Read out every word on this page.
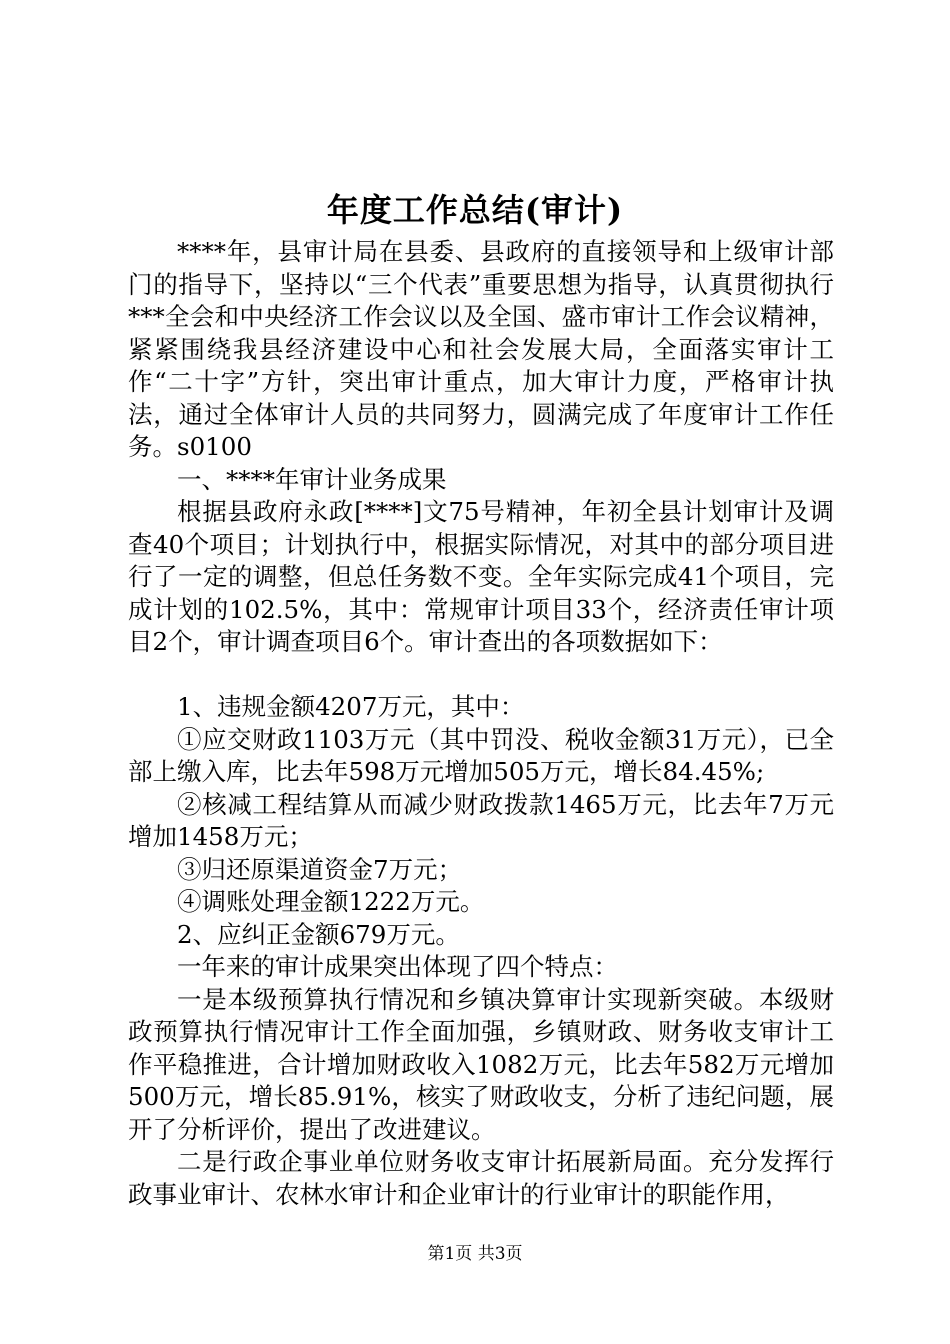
年度工作总结(审计)

****年，县审计局在县委、县政府的直接领导和上级审计部门的指导下，坚持以“三个代表”重要思想为指导，认真贯彻执行***全会和中央经济工作会议以及全国、盛市审计工作会议精神，紧紧围绕我县经济建设中心和社会发展大局，全面落实审计工作“二十字”方针，突出审计重点，加大审计力度，严格审计执法，通过全体审计人员的共同努力，圆满完成了年度审计工作任务。s0100

一、****年审计业务成果

根据县政府永政[****]文75号精神，年初全县计划审计及调查40个项目；计划执行中，根据实际情况，对其中的部分项目进行了一定的调整，但总任务数不变。全年实际完成41个项目，完成计划的102.5%，其中：常规审计项目33个，经济责任审计项目2个，审计调查项目6个。审计查出的各项数据如下：

1、违规金额4207万元，其中：

①应交财政1103万元（其中罚没、税收金额31万元），已全部上缴入库，比去年598万元增加505万元，增长84.45%;

②核减工程结算从而减少财政拨款1465万元，比去年7万元增加1458万元；

③归还原渠道资金7万元；

④调账处理金额1222万元。

2、应纠正金额679万元。

一年来的审计成果突出体现了四个特点：

一是本级预算执行情况和乡镇决算审计实现新突破。本级财政预算执行情况审计工作全面加强，乡镇财政、财务收支审计工作平稳推进，合计增加财政收入1082万元，比去年582万元增加500万元，增长85.91%，核实了财政收支，分析了违纪问题，展开了分析评价，提出了改进建议。

二是行政企事业单位财务收支审计拓展新局面。充分发挥行政事业审计、农林水审计和企业审计的行业审计的职能作用，

第1页 共3页
